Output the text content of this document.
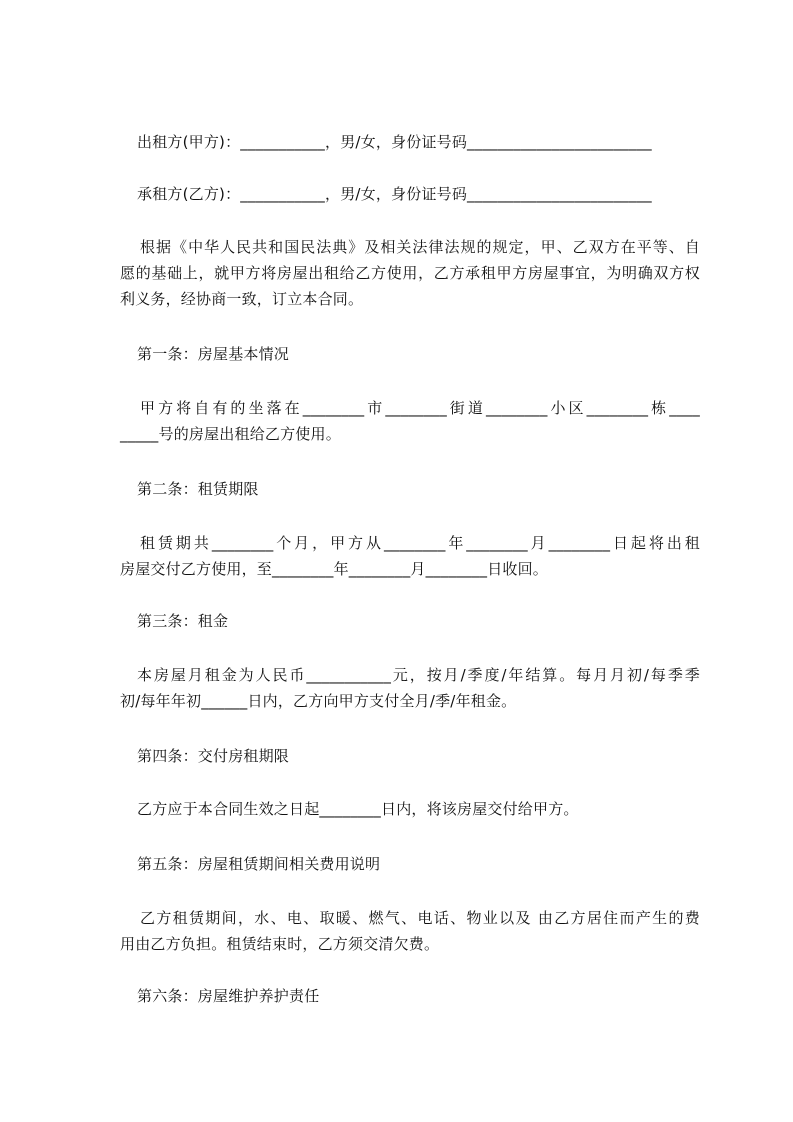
出租方(甲方)：___________，男/女，身份证号码________________________
承租方(乙方)：___________，男/女，身份证号码________________________
根据《中华人民共和国民法典》及相关法律法规的规定，甲、乙双方在平等、自
愿的基础上，就甲方将房屋出租给乙方使用，乙方承租甲方房屋事宜，为明确双方权
利义务，经协商一致，订立本合同。
第一条：房屋基本情况
甲方将自有的坐落在________市________街道________小区________栋____
_____号的房屋出租给乙方使用。
第二条：租赁期限
租赁期共________个月，甲方从________年________月________日起将出租
房屋交付乙方使用，至________年________月________日收回。
第三条：租金
本房屋月租金为人民币___________元，按月/季度/年结算。每月月初/每季季
初/每年年初______日内，乙方向甲方支付全月/季/年租金。
第四条：交付房租期限
乙方应于本合同生效之日起________日内，将该房屋交付给甲方。
第五条：房屋租赁期间相关费用说明
乙方租赁期间，水、电、取暖、燃气、电话、物业以及 由乙方居住而产生的费
用由乙方负担。租赁结束时，乙方须交清欠费。
第六条：房屋维护养护责任
